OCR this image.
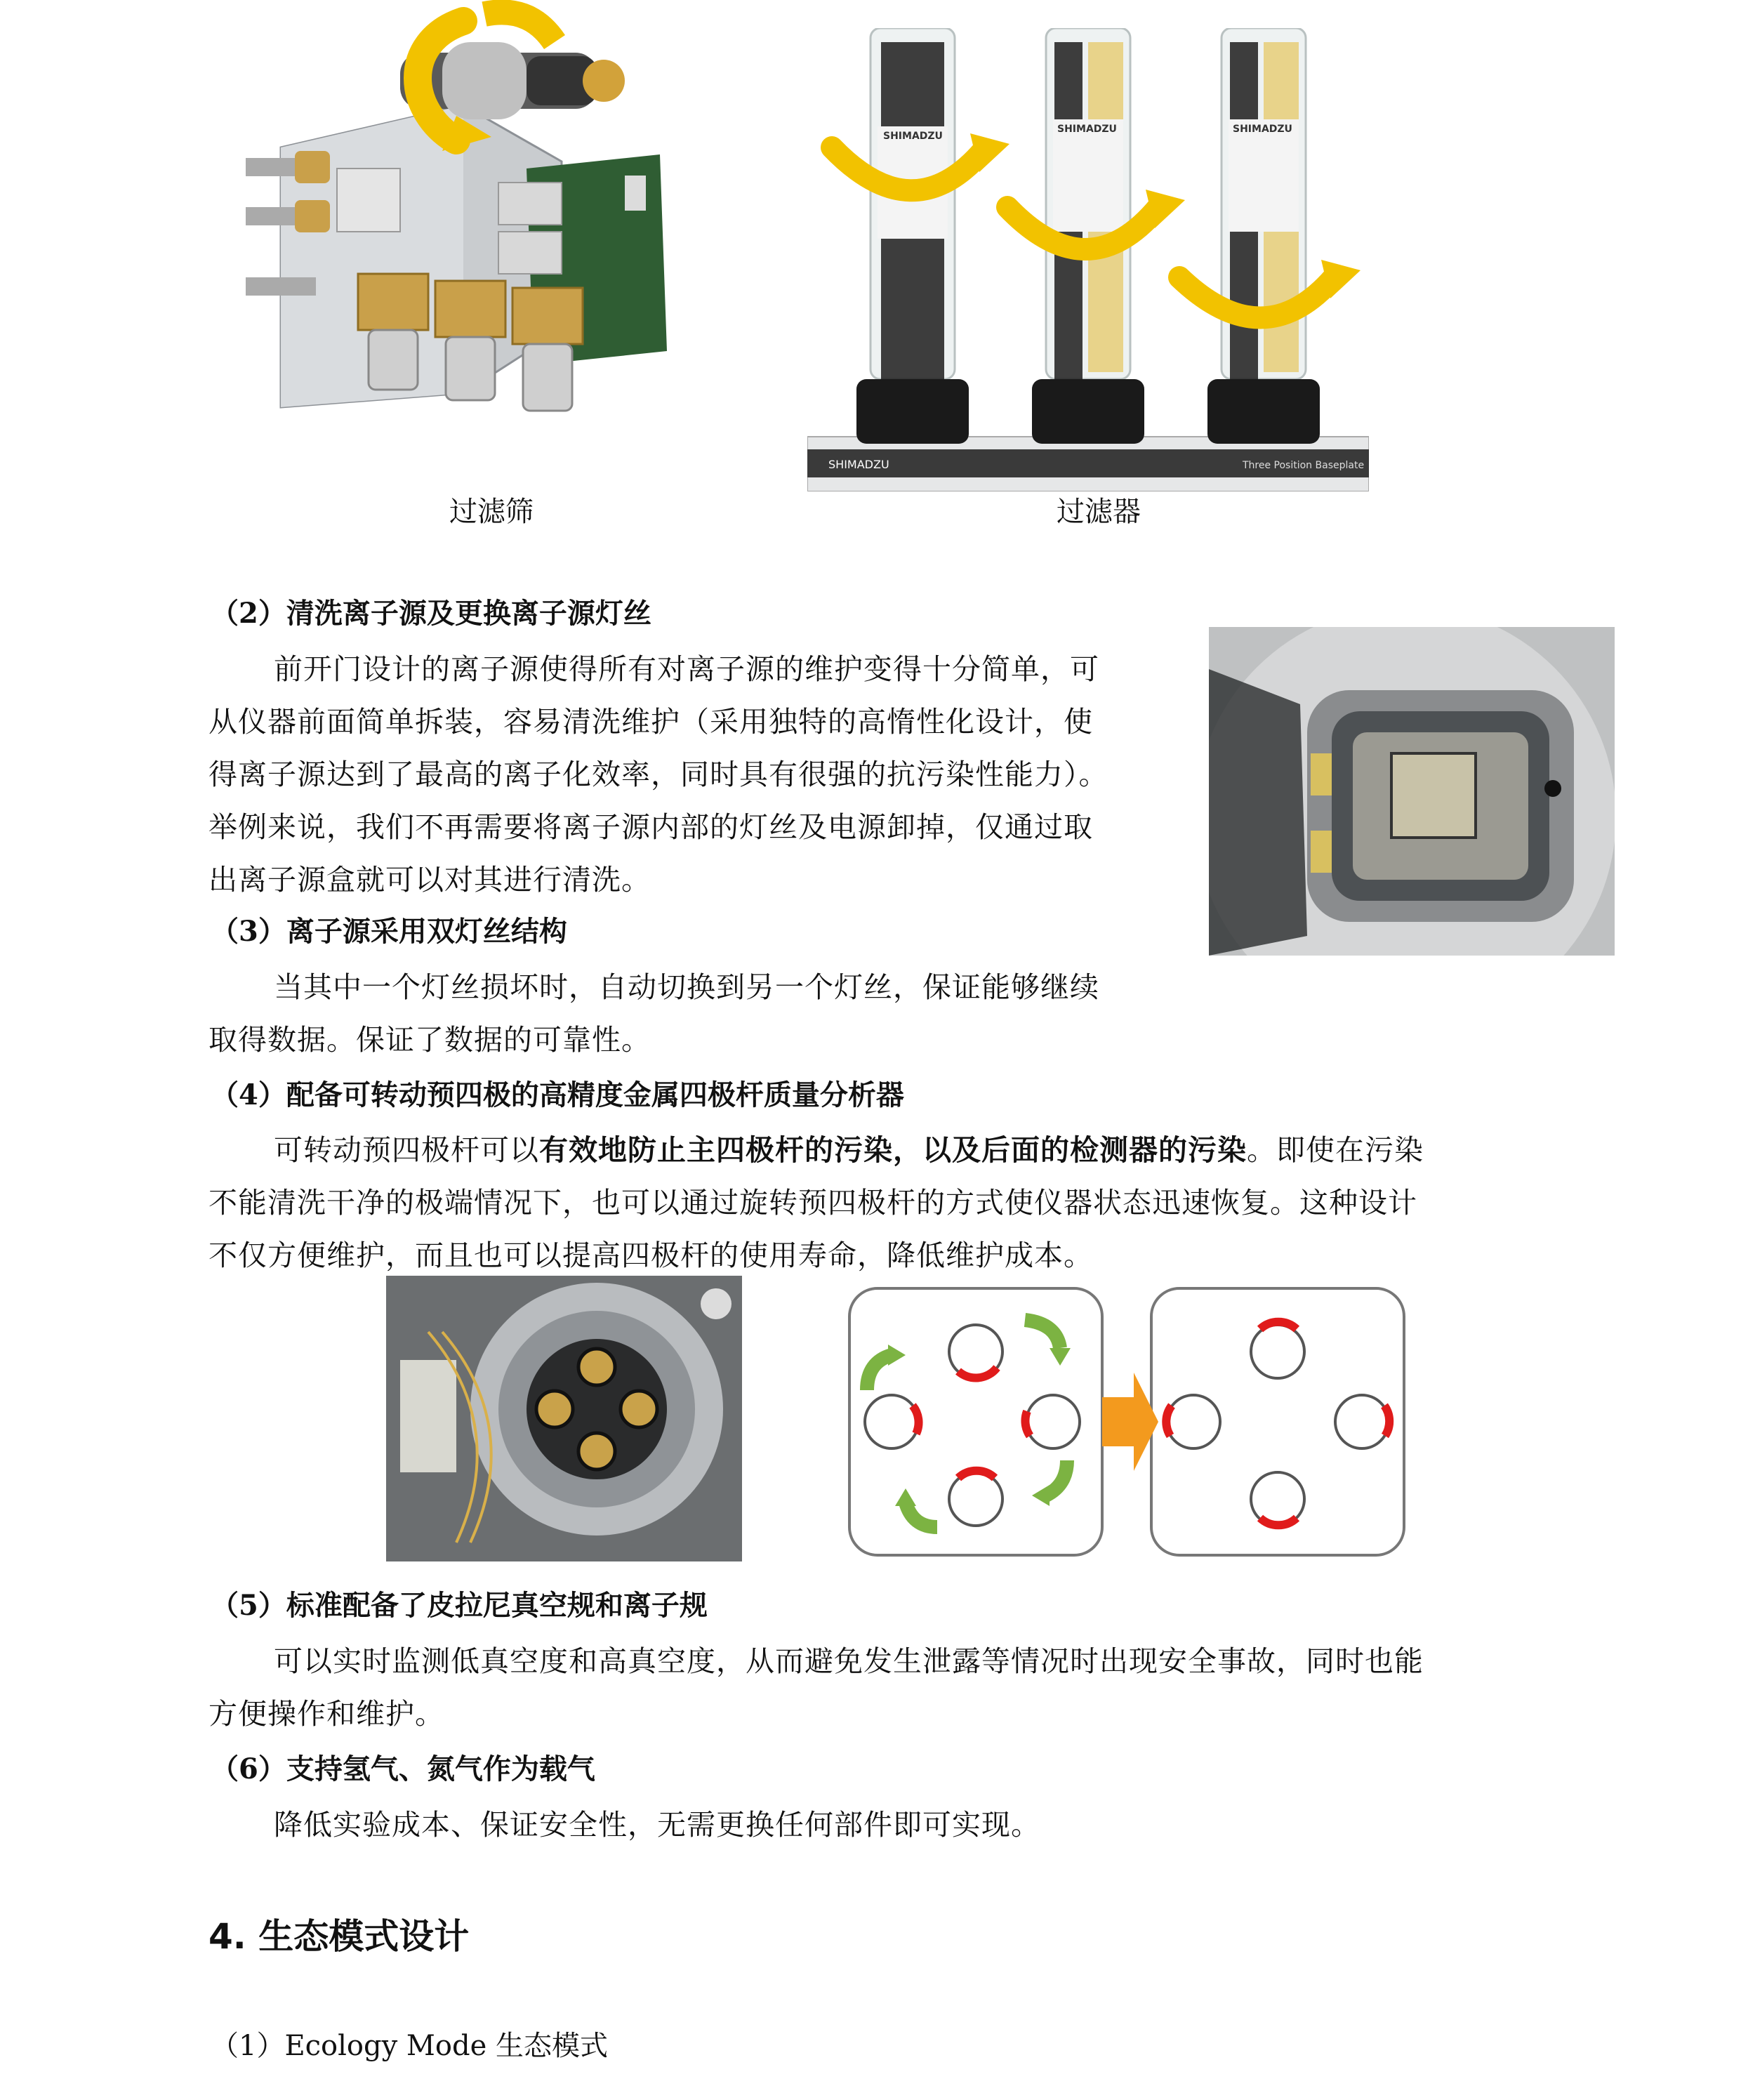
过滤筛
SHIMADZU	Three Position Baseplate
SHIMADZU
SHIMADZU	SHIMADZU
过滤器
（2）清洗离子源及更换离子源灯丝
前开门设计的离子源使得所有对离子源的维护变得十分简单，可
从仪器前面简单拆装，容易清洗维护（采用独特的高惰性化设计，使
得离子源达到了最高的离子化效率，同时具有很强的抗污染性能力）。
举例来说，我们不再需要将离子源内部的灯丝及电源卸掉，仅通过取
出离子源盒就可以对其进行清洗。
（3）离子源采用双灯丝结构
当其中一个灯丝损坏时，自动切换到另一个灯丝，保证能够继续
取得数据。保证了数据的可靠性。
（4）配备可转动预四极的高精度金属四极杆质量分析器
可转动预四极杆可以有效地防止主四极杆的污染，以及后面的检测器的污染。即使在污染
不能清洗干净的极端情况下，也可以通过旋转预四极杆的方式使仪器状态迅速恢复。这种设计
不仅方便维护，而且也可以提高四极杆的使用寿命，降低维护成本。
（5）标准配备了皮拉尼真空规和离子规
可以实时监测低真空度和高真空度，从而避免发生泄露等情况时出现安全事故，同时也能
方便操作和维护。
（6）支持氢气、氮气作为载气
降低实验成本、保证安全性，无需更换任何部件即可实现。
4. 生态模式设计
（1）Ecology Mode 生态模式
